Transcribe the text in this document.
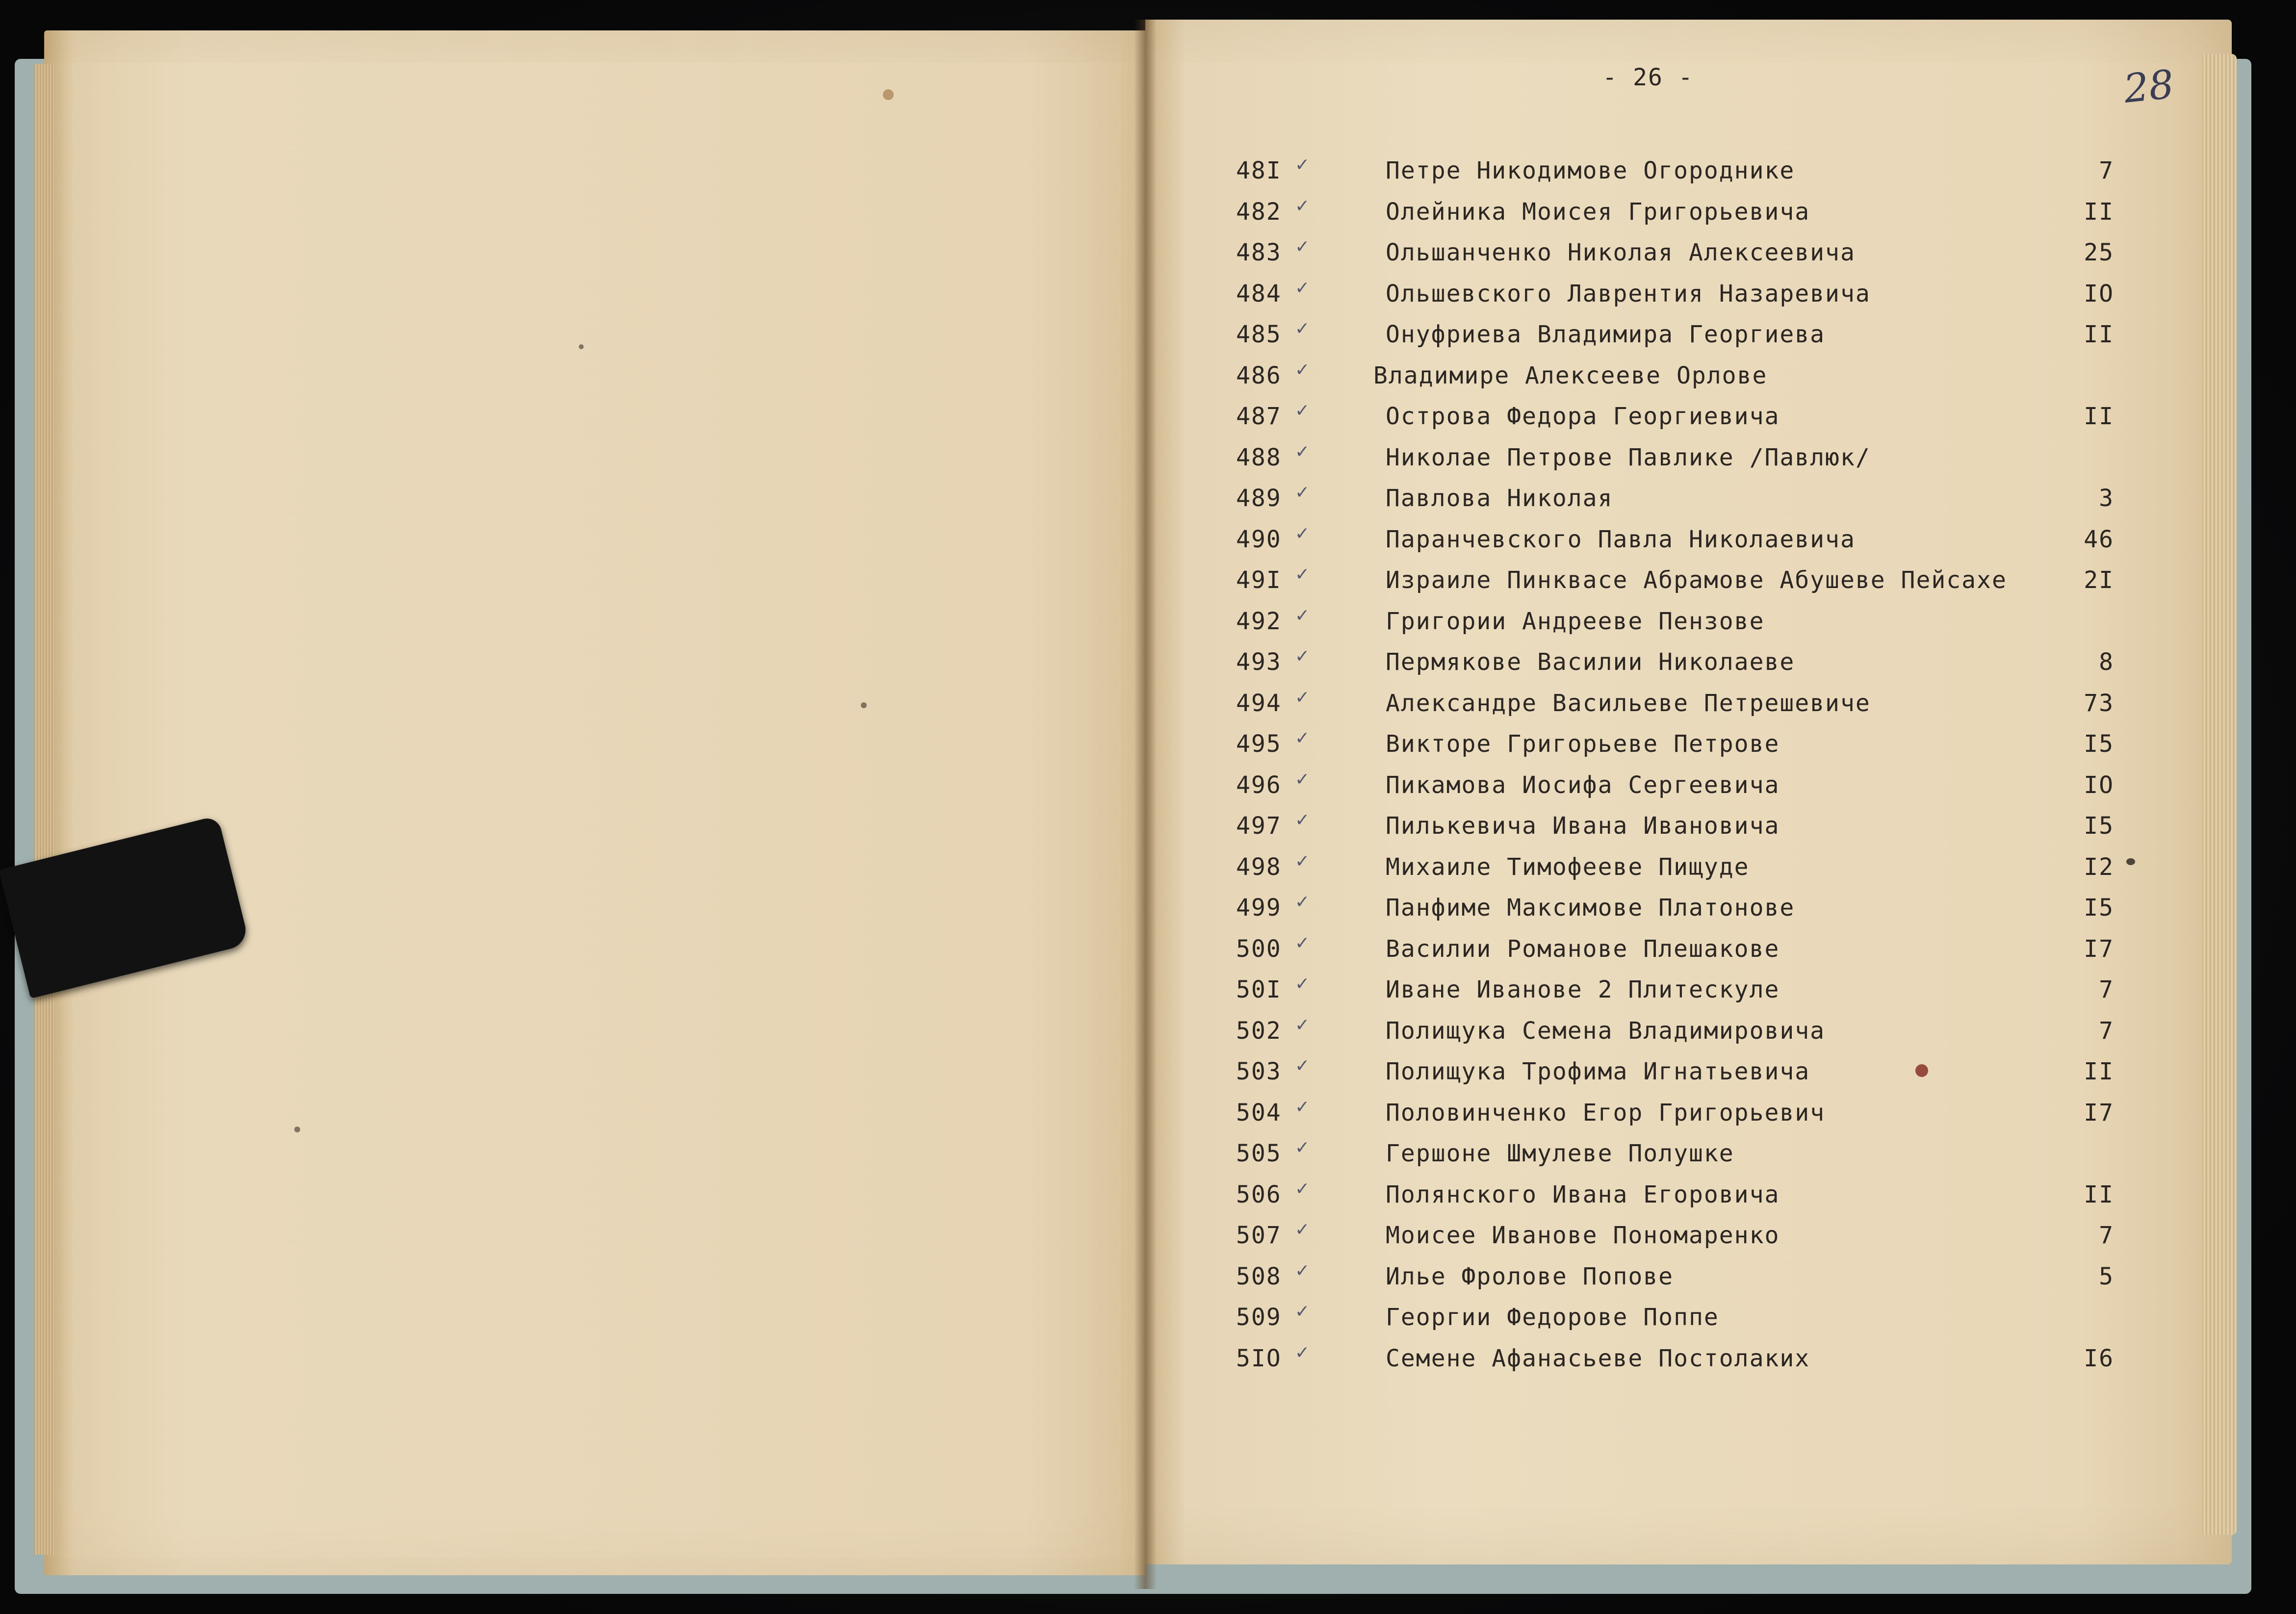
- 26 -	28
48I ✓	Петре Никодимове Огороднике	7
482 ✓	Олейника Моисея Григорьевича	II
483 ✓	Ольшанченко Николая Алексеевича	25
484 ✓	Ольшевского Лаврентия Назаревича	IO
485 ✓	Онуфриева Владимира Георгиева	II
486 ✓	Владимире Алексееве Орлове
487 ✓	Острова Федора Георгиевича	II
488 ✓	Николае Петрове Павлике /Павлюк/
489 ✓	Павлова Николая	3
490 ✓	Паранчевского Павла Николаевича	46
49I ✓	Израиле Пинквасе Абрамове Абушеве Пейсахе	2I
492 ✓	Григории Андрееве Пензове
493 ✓	Пермякове Василии Николаеве	8
494 ✓	Александре Васильеве Петрешевиче	73
495 ✓	Викторе Григорьеве Петрове	I5
496 ✓	Пикамова Иосифа Сергеевича	IO
497 ✓	Пилькевича Ивана Ивановича	I5
498 ✓	Михаиле Тимофееве Пищуде	I2
499 ✓	Панфиме Максимове Платонове	I5
500 ✓	Василии Романове Плешакове	I7
50I ✓	Иване Иванове 2 Плитескуле	7
502 ✓	Полищука Семена Владимировича	7
503 ✓	Полищука Трофима Игнатьевича	II
504 ✓	Половинченко Егор Григорьевич	I7
505 ✓	Гершоне Шмулеве Полушке
506 ✓	Полянского Ивана Егоровича	II
507 ✓	Моисее Иванове Пономаренко	7
508 ✓	Илье Фролове Попове	5
509 ✓	Георгии Федорове Поппе
5IO ✓	Семене Афанасьеве Постолаких	I6
